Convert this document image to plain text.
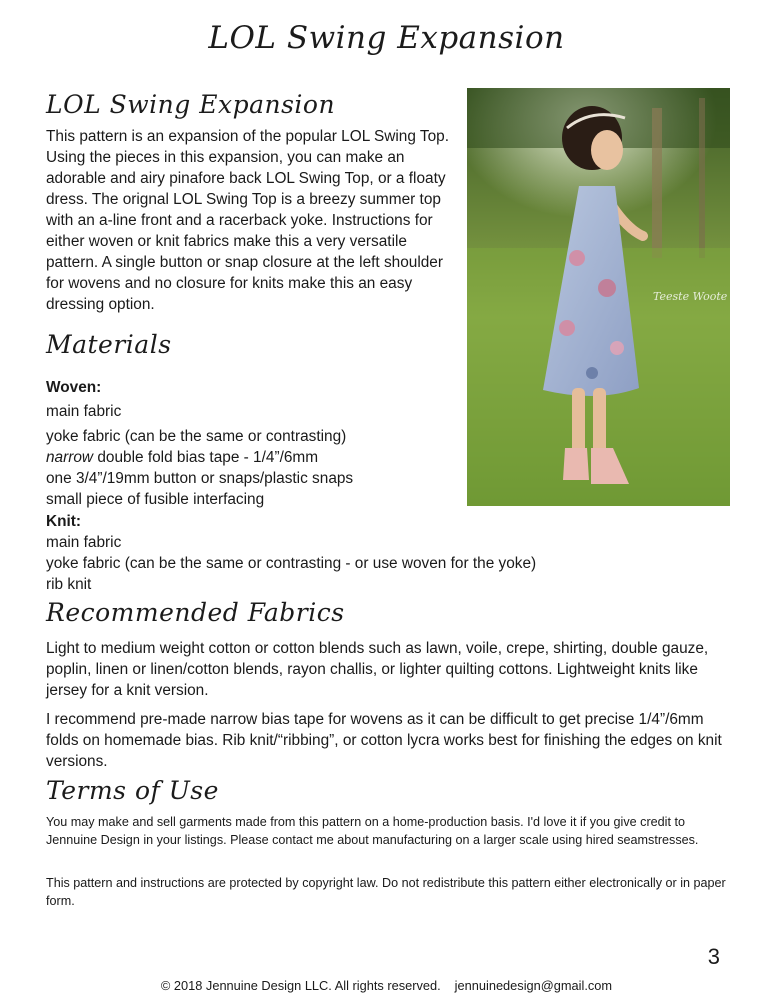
LOL Swing Expansion
LOL Swing Expansion

This pattern is an expansion of the popular LOL Swing Top. Using the pieces in this expansion, you can make an adorable and airy pinafore back LOL Swing Top, or a floaty dress. The orignal LOL Swing Top is a breezy summer top with an a-line front and a racerback yoke. Instructions for either woven or knit fabrics make this a very versatile pattern. A single button or snap closure at the left shoulder for wovens and no closure for knits make this an easy dressing option.	Teeste Woote
Materials

Woven:

main fabric
yoke fabric (can be the same or contrasting)
narrow double fold bias tape - 1/4”/6mm
one 3/4”/19mm button or snaps/plastic snaps
small piece of fusible interfacing

Knit:

main fabric
yoke fabric (can be the same or contrasting - or use woven for the yoke)
rib knit
Recommended Fabrics

Light to medium weight cotton or cotton blends such as lawn, voile, crepe, shirting, double gauze, poplin, linen or linen/cotton blends, rayon challis, or lighter quilting cottons. Lightweight knits like jersey for a knit version.

I recommend pre-made narrow bias tape for wovens as it can be difficult to get precise 1/4”/6mm folds on homemade bias. Rib knit/“ribbing”, or cotton lycra works best for finishing the edges on knit versions.

Terms of Use

You may make and sell garments made from this pattern on a home-production basis. I'd love it if you give credit to Jennuine Design in your listings. Please contact me about manufacturing on a larger scale using hired seamstresses.

This pattern and instructions are protected by copyright law. Do not redistribute this pattern either electronically or in paper form.

3
© 2018 Jennuine Design LLC. All rights reserved. jennuinedesign@gmail.com
